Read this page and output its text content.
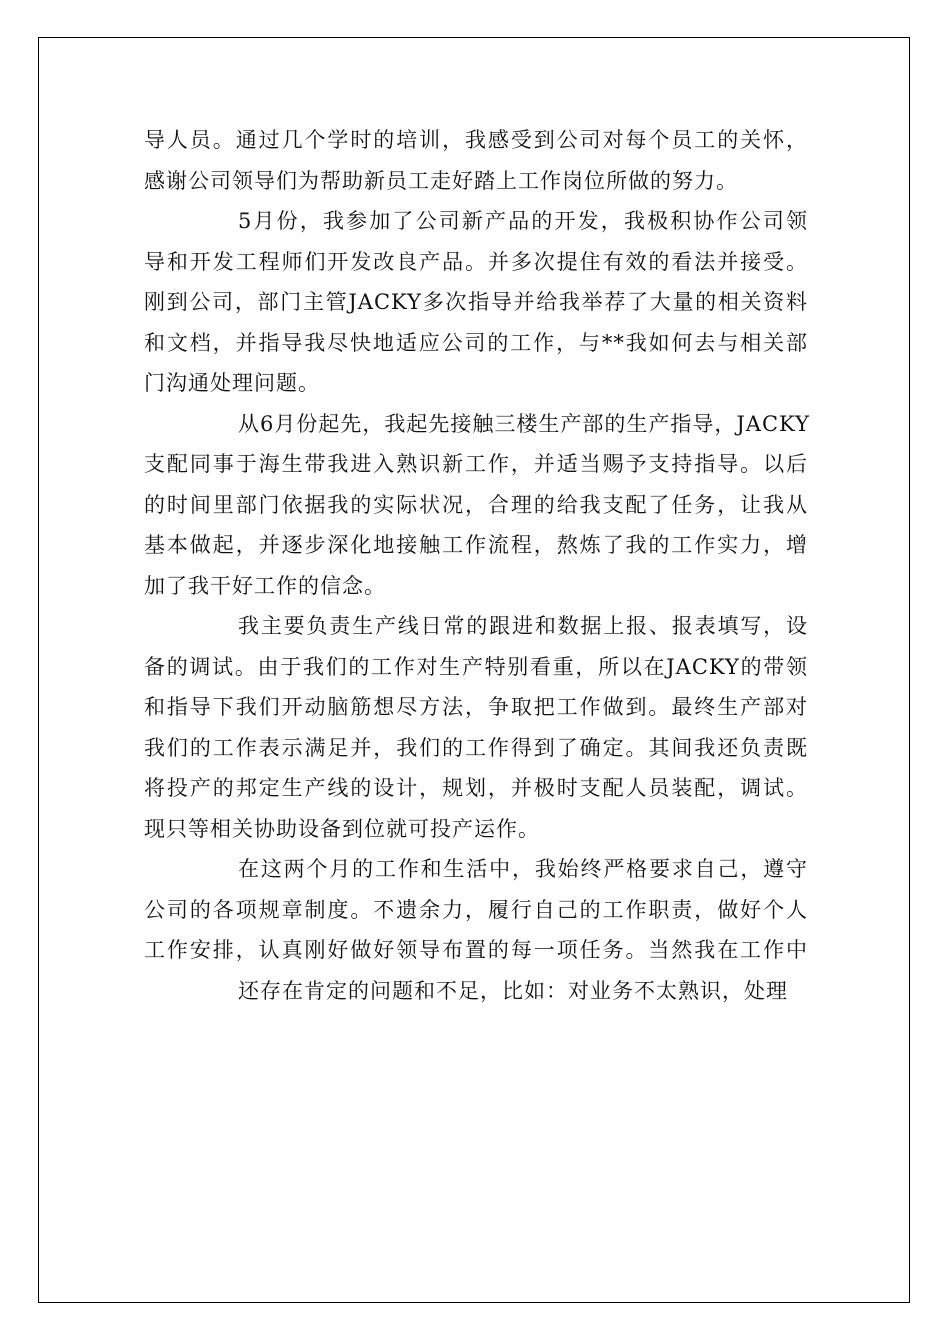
导人员。通过几个学时的培训，我感受到公司对每个员工的关怀，
感谢公司领导们为帮助新员工走好踏上工作岗位所做的努力。
5月份，我参加了公司新产品的开发，我极积协作公司领
导和开发工程师们开发改良产品。并多次提住有效的看法并接受。
刚到公司，部门主管JACKY多次指导并给我举荐了大量的相关资料
和文档，并指导我尽快地适应公司的工作，与**我如何去与相关部
门沟通处理问题。
从6月份起先，我起先接触三楼生产部的生产指导，JACKY
支配同事于海生带我进入熟识新工作，并适当赐予支持指导。以后
的时间里部门依据我的实际状况，合理的给我支配了任务，让我从
基本做起，并逐步深化地接触工作流程，熬炼了我的工作实力，增
加了我干好工作的信念。
我主要负责生产线日常的跟进和数据上报、报表填写，设
备的调试。由于我们的工作对生产特别看重，所以在JACKY的带领
和指导下我们开动脑筋想尽方法，争取把工作做到。最终生产部对
我们的工作表示满足并，我们的工作得到了确定。其间我还负责既
将投产的邦定生产线的设计，规划，并极时支配人员装配，调试。
现只等相关协助设备到位就可投产运作。
在这两个月的工作和生活中，我始终严格要求自己，遵守
公司的各项规章制度。不遗余力，履行自己的工作职责，做好个人
工作安排，认真刚好做好领导布置的每一项任务。当然我在工作中
还存在肯定的问题和不足，比如：对业务不太熟识，处理
